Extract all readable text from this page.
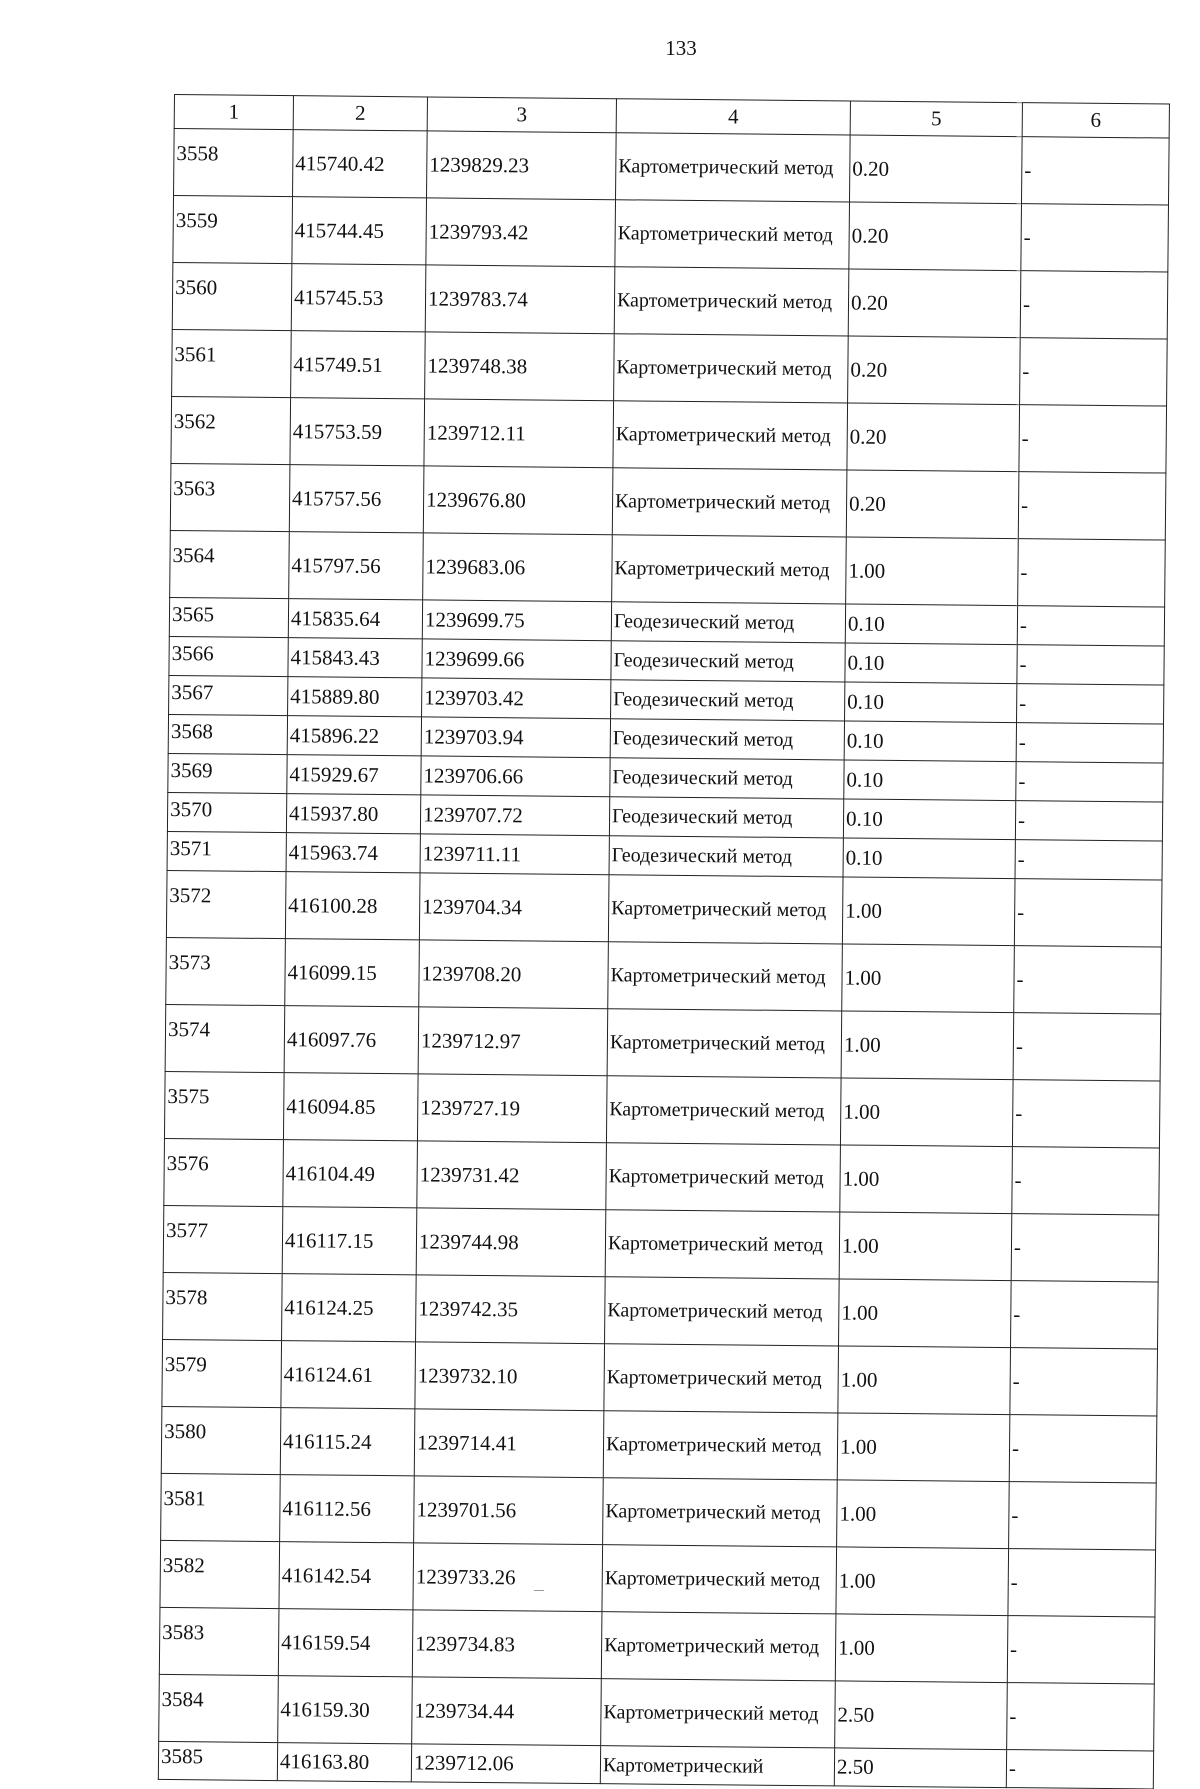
133
1	2	3	4	5	6
3558	415740.42	1239829.23	Картометрический метод	0.20	-
3559	415744.45	1239793.42	Картометрический метод	0.20	-
3560	415745.53	1239783.74	Картометрический метод	0.20	-
3561	415749.51	1239748.38	Картометрический метод	0.20	-
3562	415753.59	1239712.11	Картометрический метод	0.20	-
3563	415757.56	1239676.80	Картометрический метод	0.20	-
3564	415797.56	1239683.06	Картометрический метод	1.00	-
3565	415835.64	1239699.75	Геодезический метод	0.10	-
3566	415843.43	1239699.66	Геодезический метод	0.10	-
3567	415889.80	1239703.42	Геодезический метод	0.10	-
3568	415896.22	1239703.94	Геодезический метод	0.10	-
3569	415929.67	1239706.66	Геодезический метод	0.10	-
3570	415937.80	1239707.72	Геодезический метод	0.10	-
3571	415963.74	1239711.11	Геодезический метод	0.10	-
3572	416100.28	1239704.34	Картометрический метод	1.00	-
3573	416099.15	1239708.20	Картометрический метод	1.00	-
3574	416097.76	1239712.97	Картометрический метод	1.00	-
3575	416094.85	1239727.19	Картометрический метод	1.00	-
3576	416104.49	1239731.42	Картометрический метод	1.00	-
3577	416117.15	1239744.98	Картометрический метод	1.00	-
3578	416124.25	1239742.35	Картометрический метод	1.00	-
3579	416124.61	1239732.10	Картометрический метод	1.00	-
3580	416115.24	1239714.41	Картометрический метод	1.00	-
3581	416112.56	1239701.56	Картометрический метод	1.00	-
3582	416142.54	1239733.26	Картометрический метод	1.00	-
3583	416159.54	1239734.83	Картометрический метод	1.00	-
3584	416159.30	1239734.44	Картометрический метод	2.50	-
3585	416163.80	1239712.06	Картометрический	2.50	-
